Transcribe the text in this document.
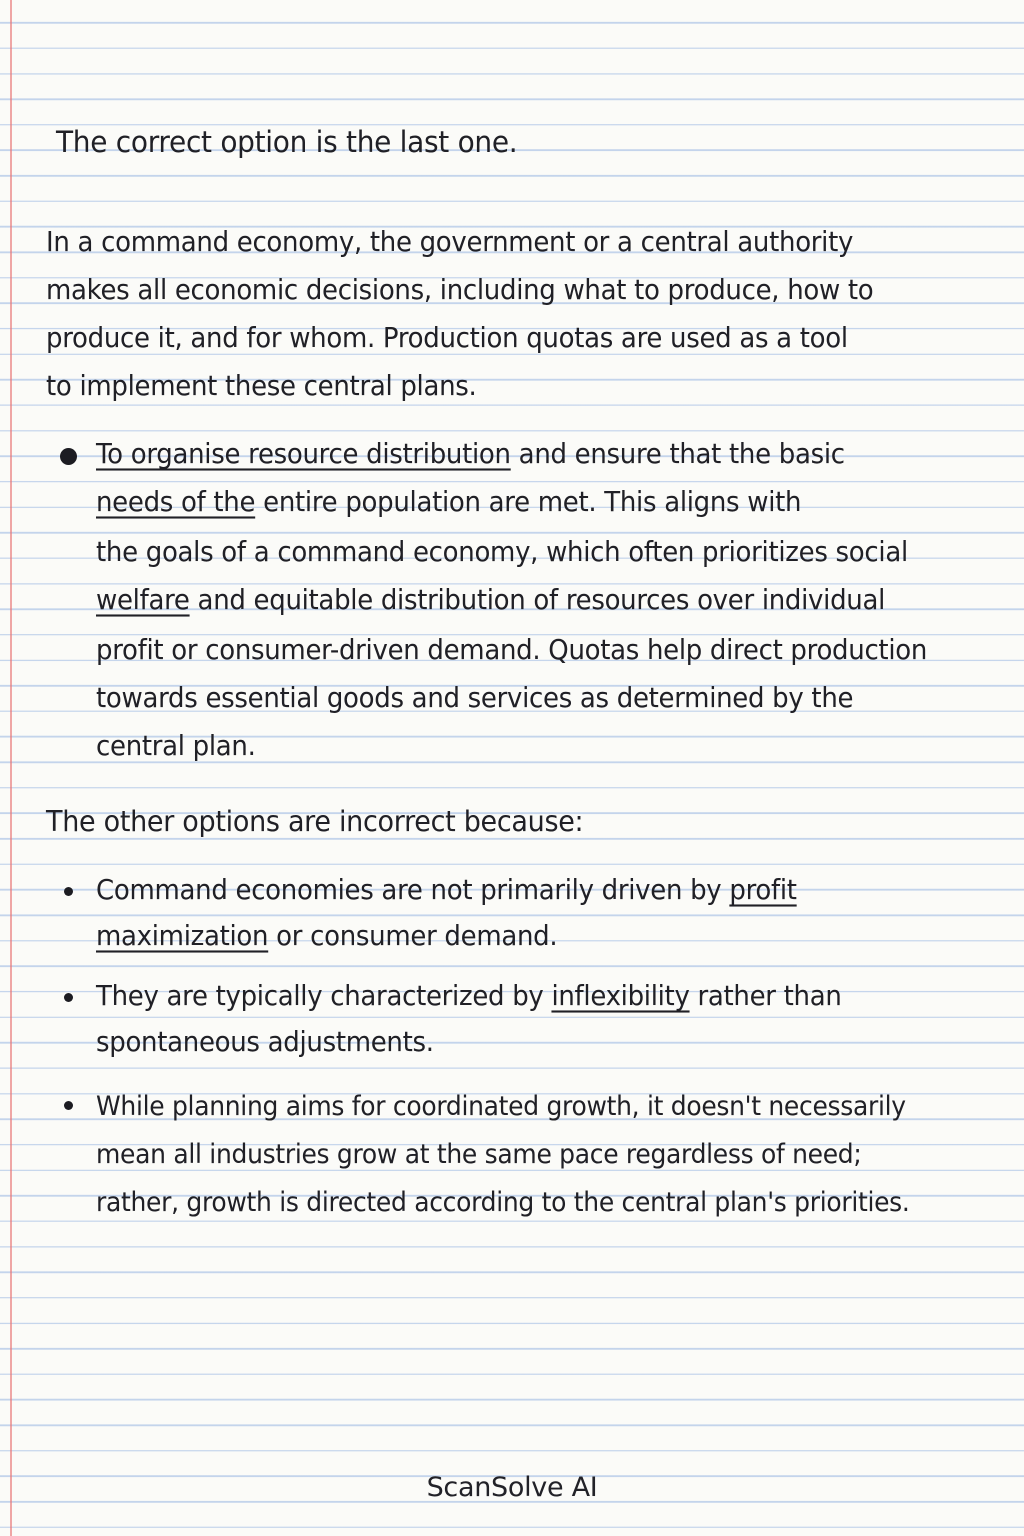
The correct option is the last one.
In a command economy, the government or a central authority
makes all economic decisions, including what to produce, how to
produce it, and for whom. Production quotas are used as a tool
to implement these central plans.
To organise resource distribution and ensure that the basic
needs of the entire population are met. This aligns with
the goals of a command economy, which often prioritizes social
welfare and equitable distribution of resources over individual
profit or consumer-driven demand. Quotas help direct production
towards essential goods and services as determined by the
central plan.
The other options are incorrect because:
Command economies are not primarily driven by profit
maximization or consumer demand.
They are typically characterized by inflexibility rather than
spontaneous adjustments.
While planning aims for coordinated growth, it doesn't necessarily
mean all industries grow at the same pace regardless of need;
rather, growth is directed according to the central plan's priorities.
ScanSolve AI
